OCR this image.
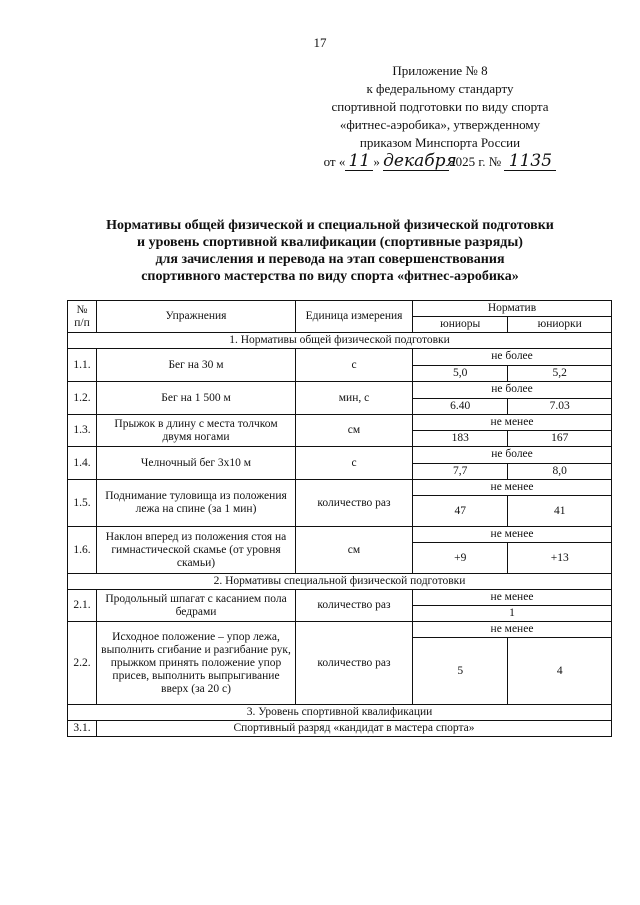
17
Приложение № 8
к федеральному стандарту
спортивной подготовки по виду спорта
«фитнес-аэробика», утвержденному
приказом Минспорта России
от « 11 » декабря2025 г. № 1135
Нормативы общей физической и специальной физической подготовки
и уровень спортивной квалификации (спортивные разряды)
для зачисления и перевода на этап совершенствования
спортивного мастерства по виду спорта «фитнес-аэробика»
№ п/п	Упражнения	Единица измерения	Норматив	
			юниоры	юниорки
1. Нормативы общей физической подготовки				
1.1.	Бег на 30 м	с	не более	
			5,0	5,2
1.2.	Бег на 1 500 м	мин, с	не более	
			6.40	7.03
1.3.	Прыжок в длину с места толчком двумя ногами	см	не менее	
			183	167
1.4.	Челночный бег 3х10 м	с	не более	
			7,7	8,0
1.5.	Поднимание туловища из положения лежа на спине (за 1 мин)	количество раз	не менее	
			47	41
1.6.	Наклон вперед из положения стоя на гимнастической скамье (от уровня скамьи)	см	не менее	
			+9	+13
2. Нормативы специальной физической подготовки				
2.1.	Продольный шпагат с касанием пола бедрами	количество раз	не менее	
			1	
2.2.	Исходное положение – упор лежа, выполнить сгибание и разгибание рук, прыжком принять положение упор присев, выполнить выпрыгивание вверх (за 20 с)	количество раз	не менее	
			5	4
3. Уровень спортивной квалификации				
3.1.	Спортивный разряд «кандидат в мастера спорта»			
